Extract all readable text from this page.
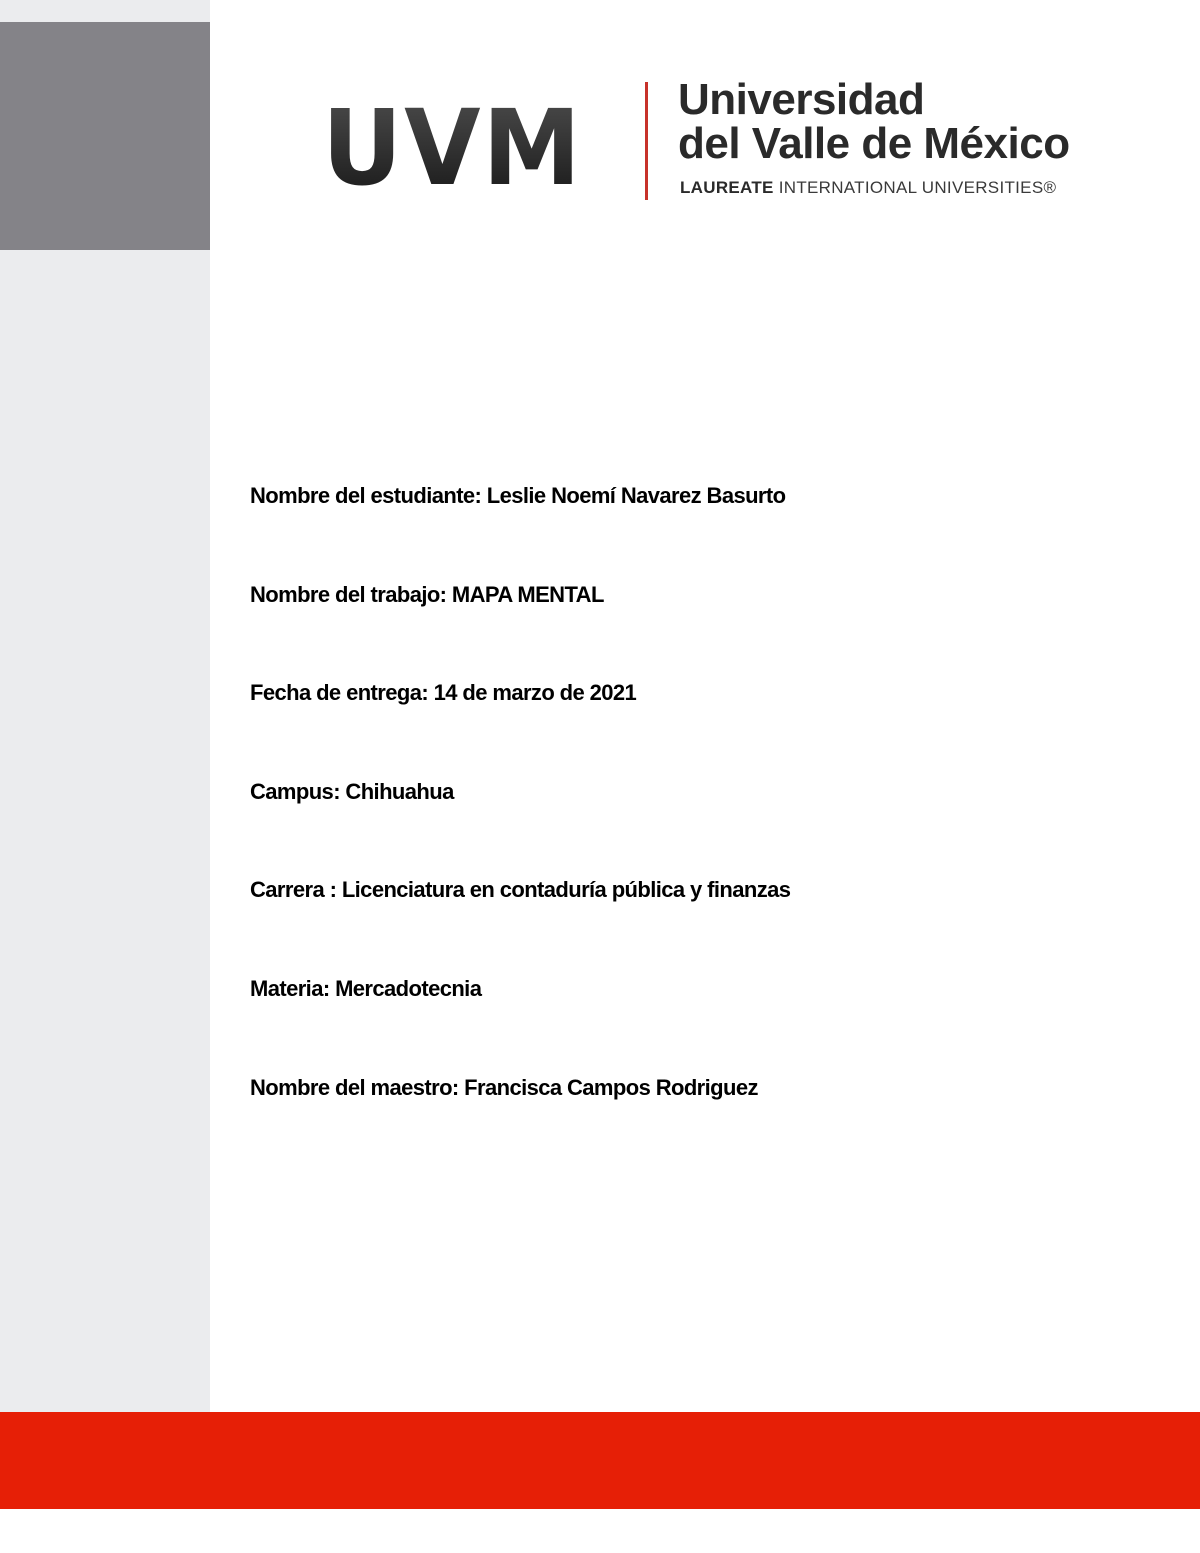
UVM Universidad
del Valle de México
LAUREATE INTERNATIONAL UNIVERSITIES®
Nombre del estudiante: Leslie Noemí Navarez Basurto
Nombre del trabajo: MAPA MENTAL
Fecha de entrega: 14 de marzo de 2021
Campus: Chihuahua
Carrera : Licenciatura en contaduría pública y finanzas
Materia: Mercadotecnia
Nombre del maestro: Francisca Campos Rodriguez
